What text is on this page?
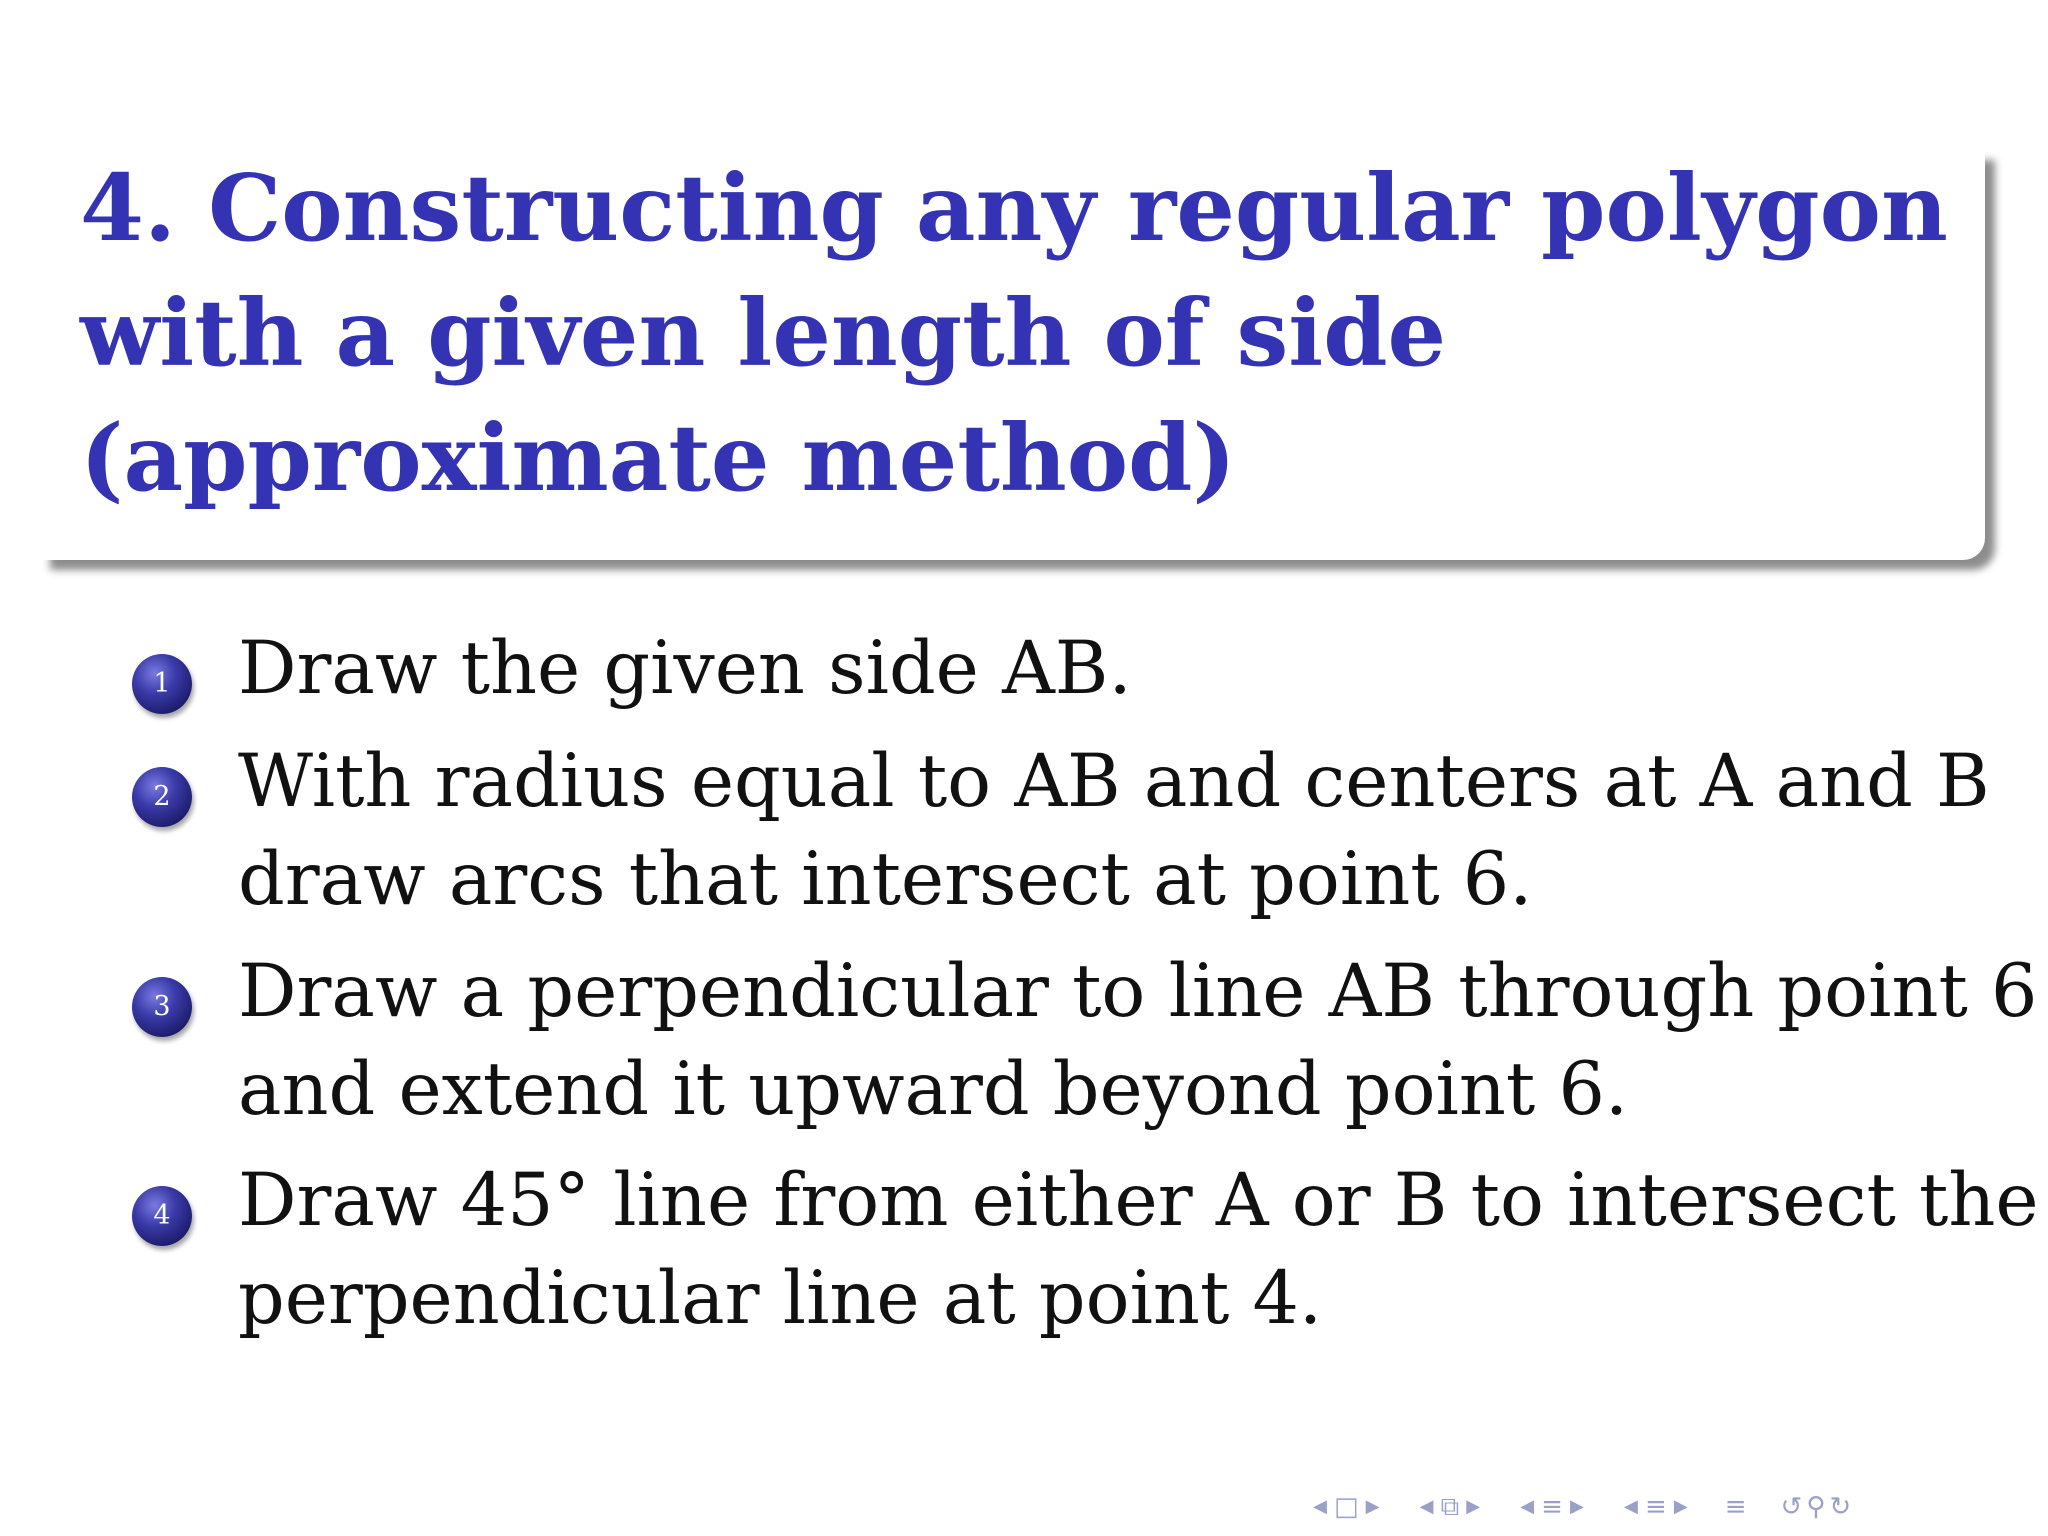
4. Constructing any regular polygon
with a given length of side
(approximate method)
1 Draw the given side AB.

2 With radius equal to AB and centers at A and B

draw arcs that intersect at point 6.

3 Draw a perpendicular to line AB through point 6

and extend it upward beyond point 6.

4 Draw 45° line from either A or B to intersect the

perpendicular line at point 4.

◀ □ ▶ ◀ ⧉ ▶ ◀ ≡ ▶ ◀ ≡ ▶ ≡ ↺ ⚲ ↻
